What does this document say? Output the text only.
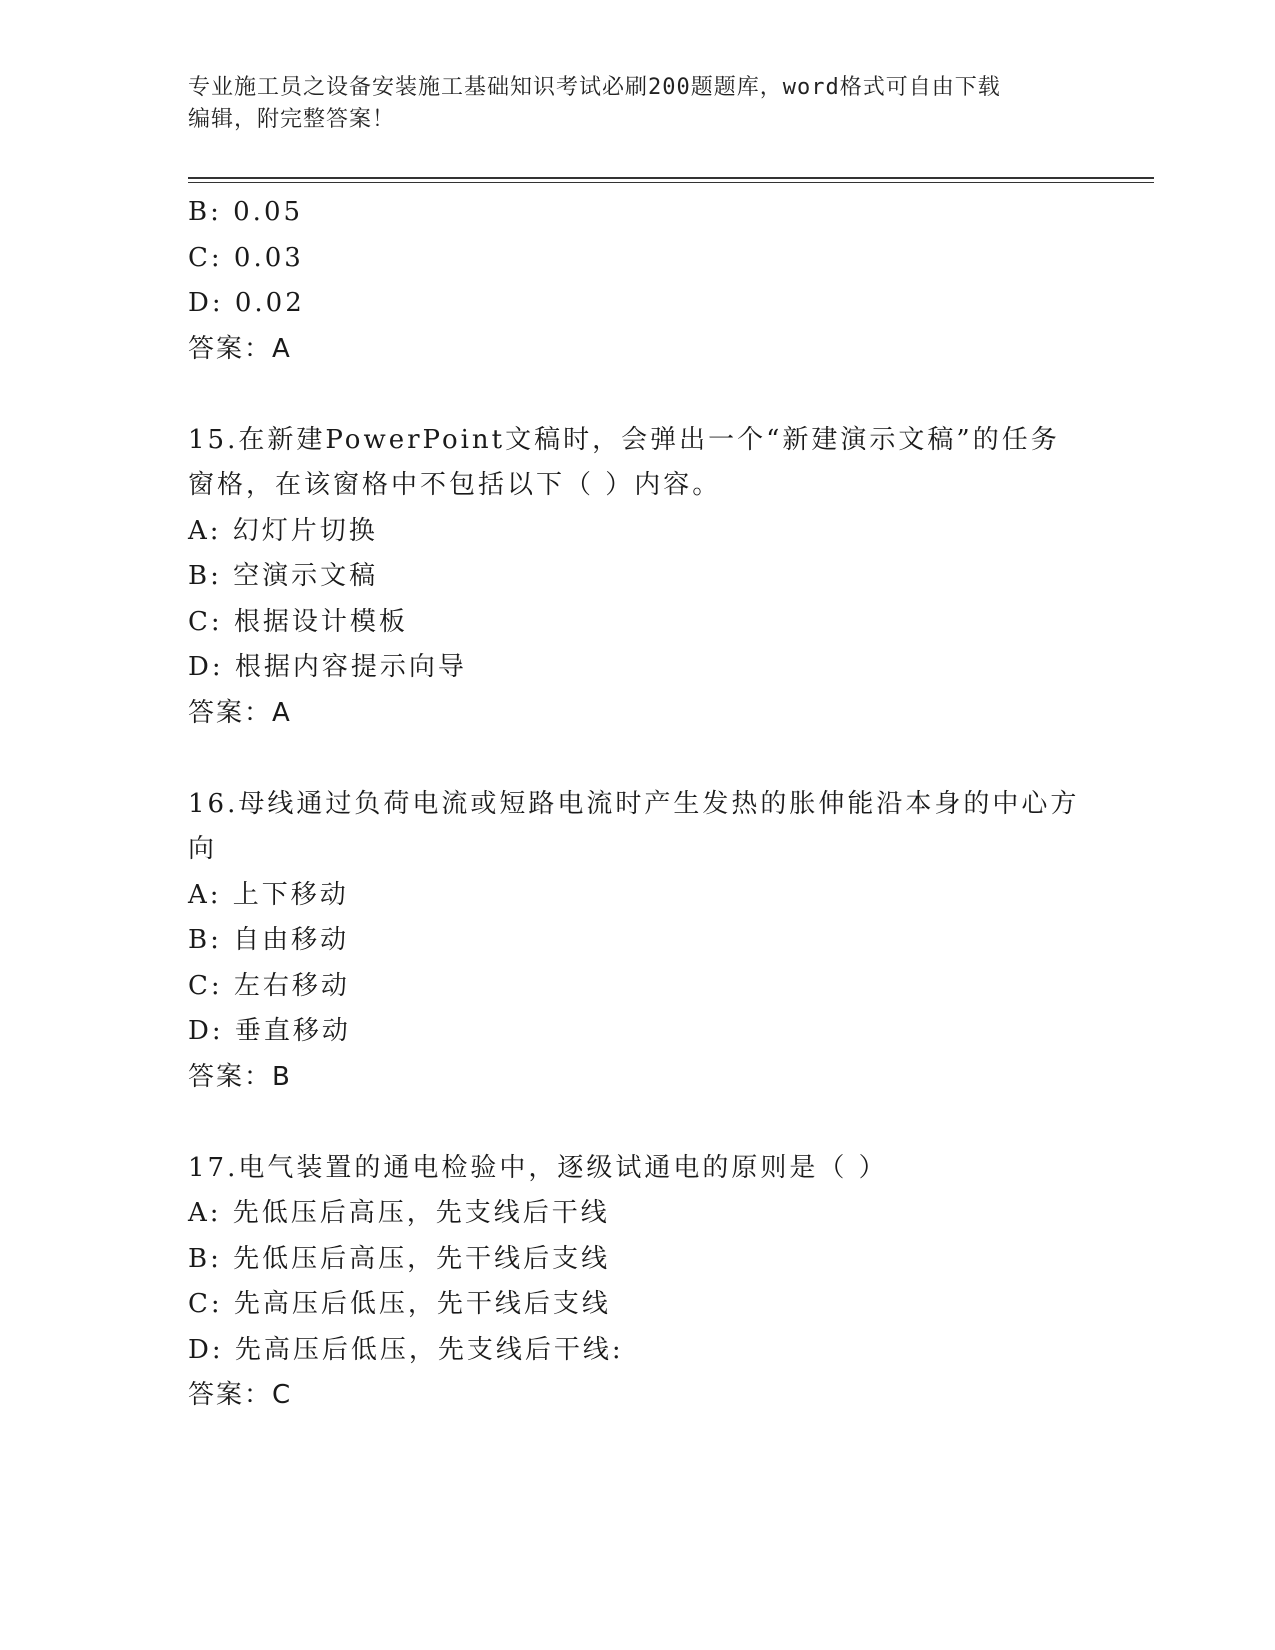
专业施工员之设备安装施工基础知识考试必刷200题题库，word格式可自由下载
编辑，附完整答案！
B: 0.05
C: 0.03
D: 0.02
答案：A
15.在新建PowerPoint文稿时，会弹出一个“新建演示文稿”的任务
窗格，在该窗格中不包括以下（ ）内容。
A: 幻灯片切换
B: 空演示文稿
C: 根据设计模板
D: 根据内容提示向导
答案：A
16.母线通过负荷电流或短路电流时产生发热的胀伸能沿本身的中心方
向
A: 上下移动
B: 自由移动
C: 左右移动
D: 垂直移动
答案：B
17.电气装置的通电检验中，逐级试通电的原则是（ ）
A: 先低压后高压，先支线后干线
B: 先低压后高压，先干线后支线
C: 先高压后低压，先干线后支线
D: 先高压后低压，先支线后干线:
答案：C
